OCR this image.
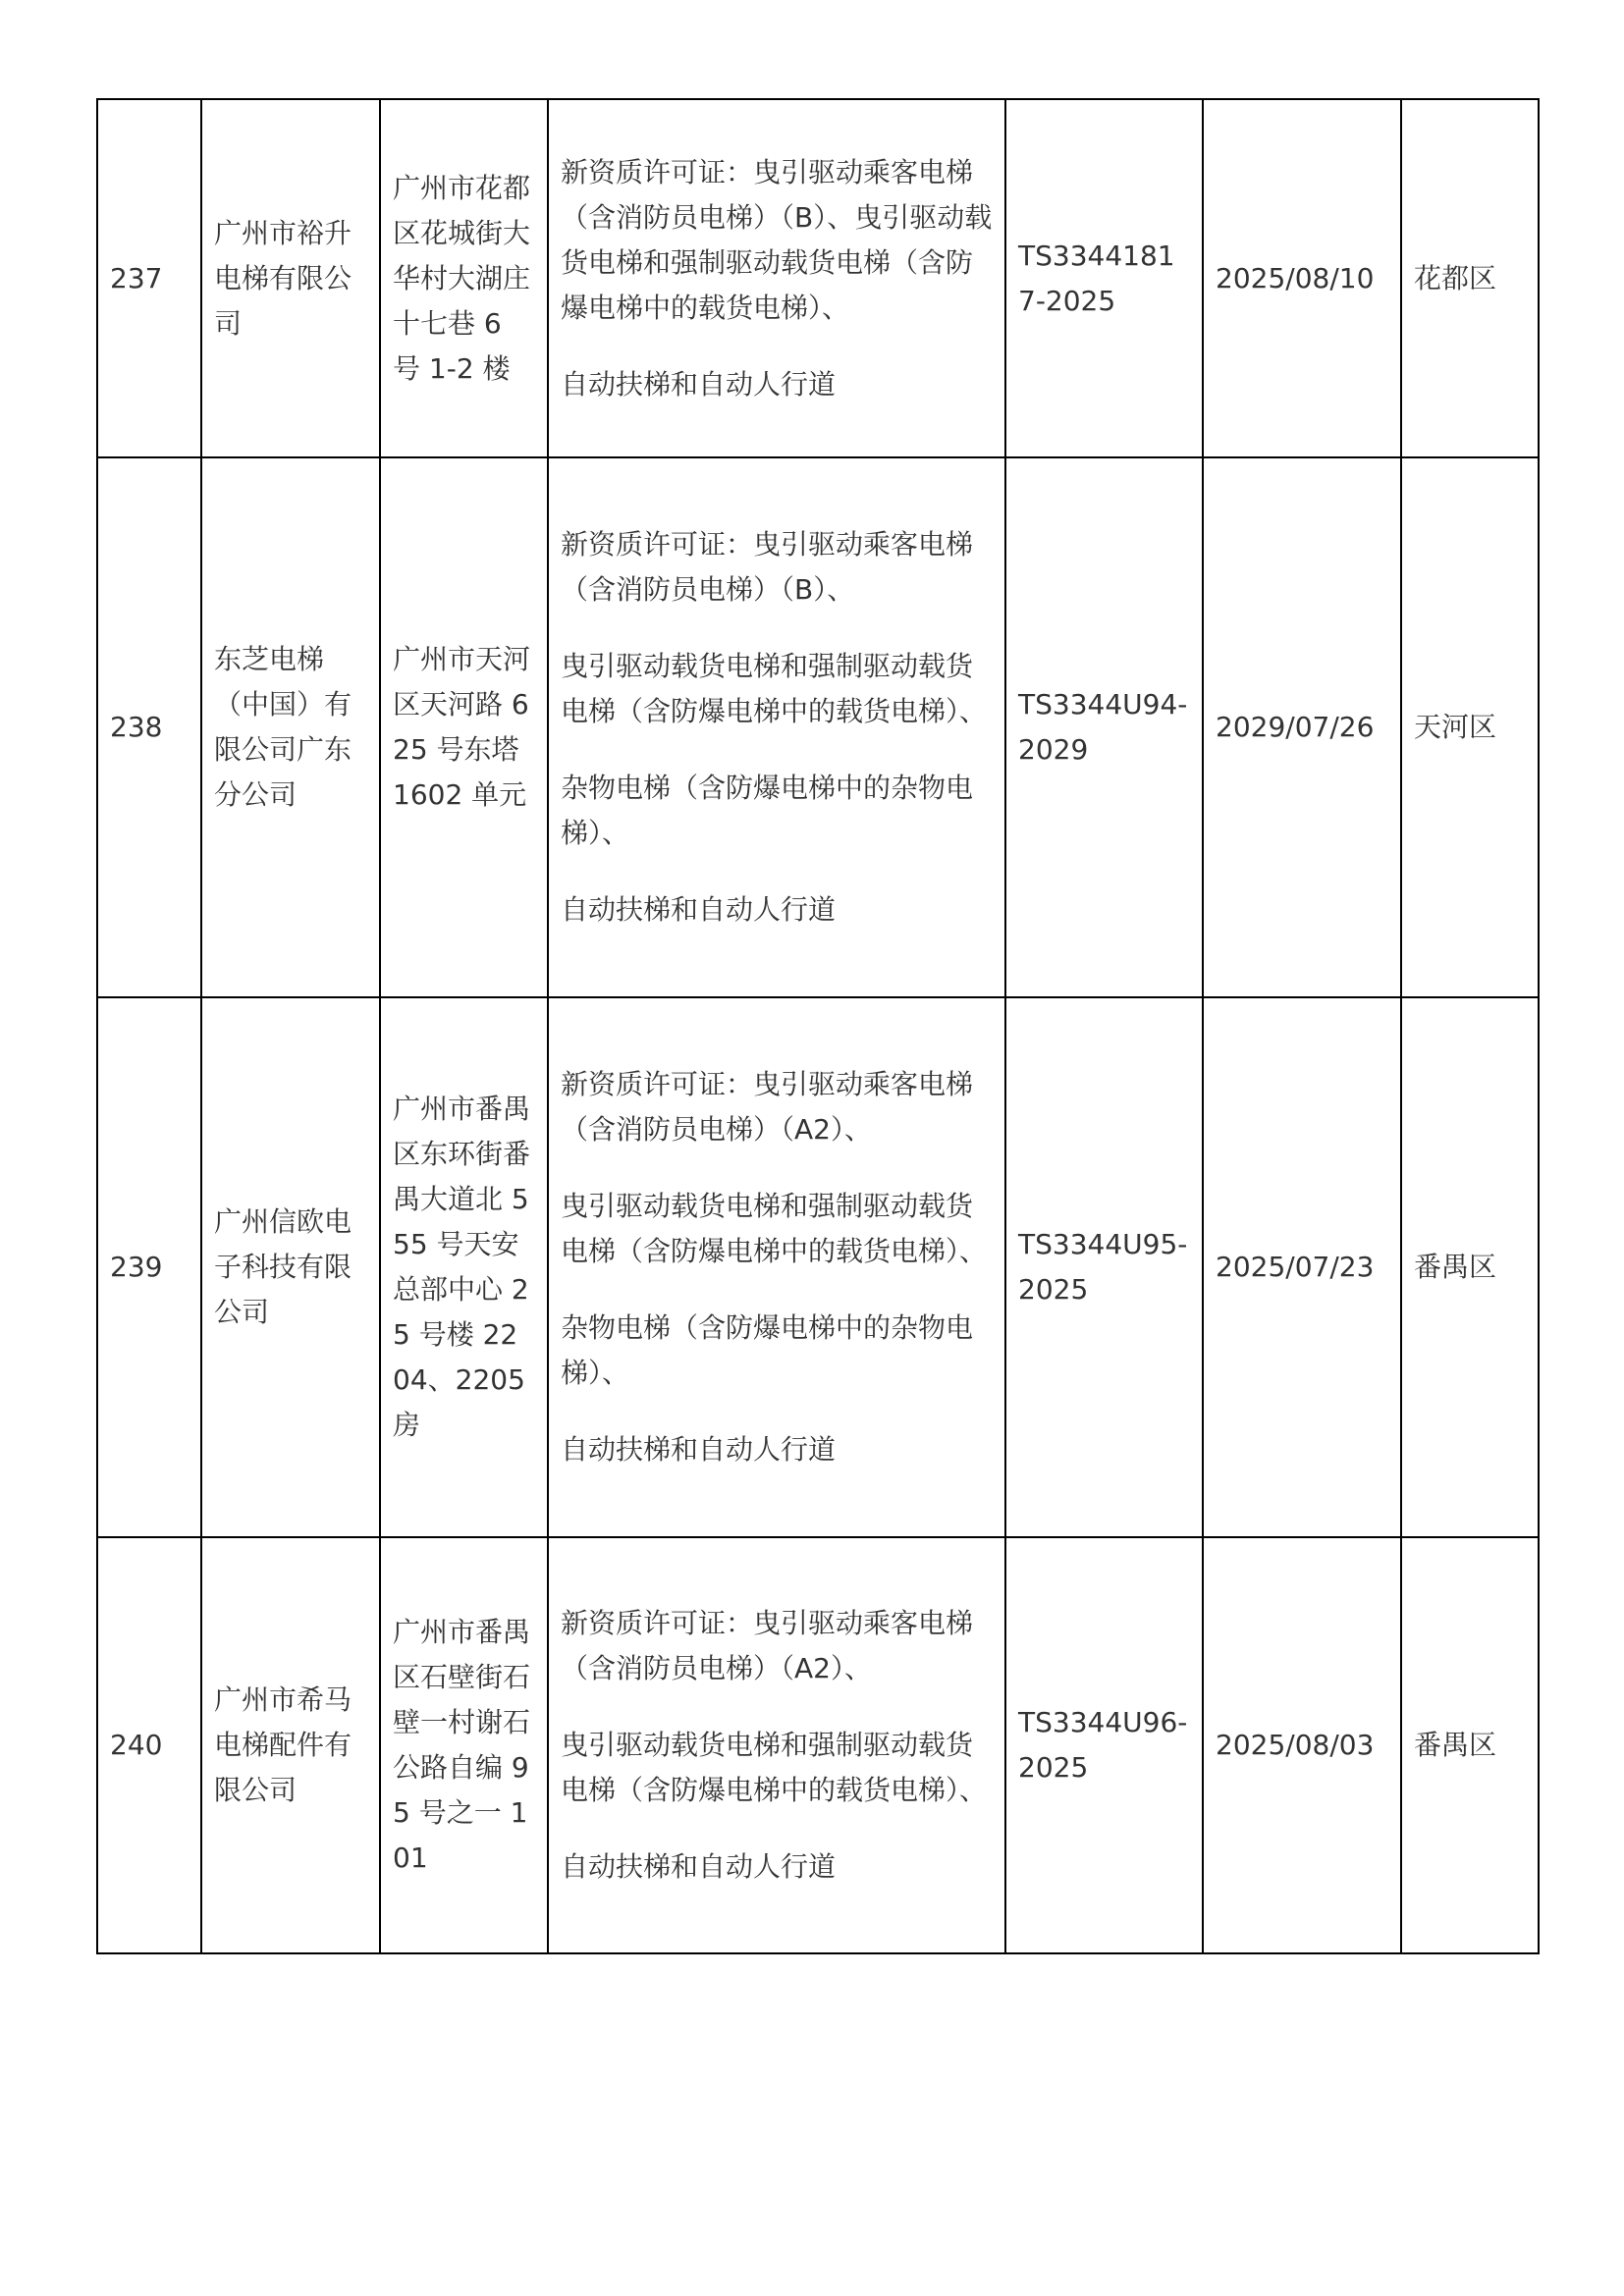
237	广州市裕升电梯有限公司	广州市花都区花城街大华村大湖庄十七巷 6 号 1-2 楼	新资质许可证：曳引驱动乘客电梯（含消防员电梯）（B）、曳引驱动载货电梯和强制驱动载货电梯（含防爆电梯中的载货电梯）、

自动扶梯和自动人行道	TS33441817-2025	2025/08/10	花都区
238	东芝电梯（中国）有限公司广东分公司	广州市天河区天河路 625 号东塔 1602 单元	新资质许可证：曳引驱动乘客电梯（含消防员电梯）（B）、

曳引驱动载货电梯和强制驱动载货电梯（含防爆电梯中的载货电梯）、

杂物电梯（含防爆电梯中的杂物电梯）、

自动扶梯和自动人行道	TS3344U94-2029	2029/07/26	天河区
239	广州信欧电子科技有限公司	广州市番禺区东环街番禺大道北 555 号天安总部中心 25 号楼 2204、2205 房	新资质许可证：曳引驱动乘客电梯（含消防员电梯）（A2）、

曳引驱动载货电梯和强制驱动载货电梯（含防爆电梯中的载货电梯）、

杂物电梯（含防爆电梯中的杂物电梯）、

自动扶梯和自动人行道	TS3344U95-2025	2025/07/23	番禺区
240	广州市希马电梯配件有限公司	广州市番禺区石壁街石壁一村谢石公路自编 95 号之一 101	新资质许可证：曳引驱动乘客电梯（含消防员电梯）（A2）、

曳引驱动载货电梯和强制驱动载货电梯（含防爆电梯中的载货电梯）、

自动扶梯和自动人行道	TS3344U96-2025	2025/08/03	番禺区
